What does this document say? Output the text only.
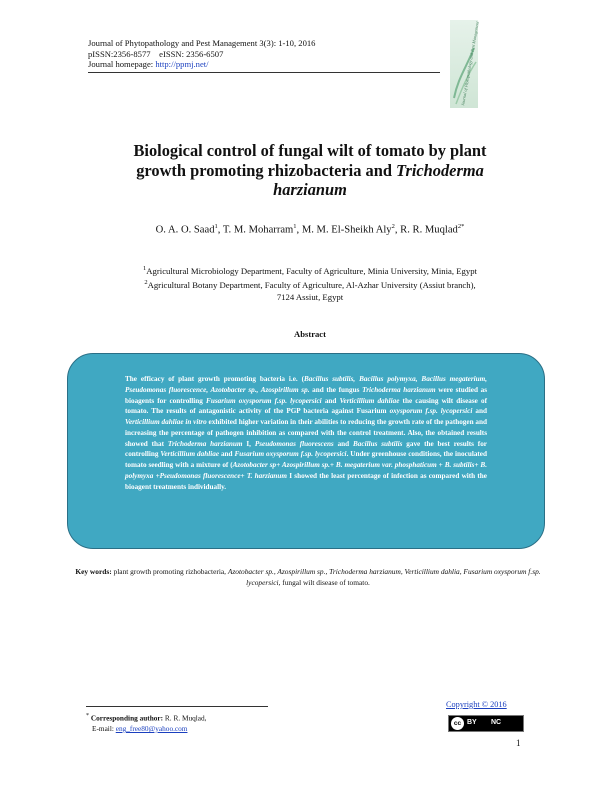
Journal of Phytopathology and Pest Management 3(3): 1-10, 2016
pISSN:2356-8577 eISSN: 2356-6507
Journal homepage: http://ppmj.net/	Journal of Phytopathology and Pest Management
Biological control of fungal wilt of tomato by plant
growth promoting rhizobacteria and Trichoderma
harzianum
O. A. O. Saad$^1$, T. M. Moharram$^1$, M. M. El-Sheikh Aly$^2$, R. R. Muqlad$^{2*}$
$^1$Agricultural Microbiology Department, Faculty of Agriculture, Minia University, Minia, Egypt
$^2$Agricultural Botany Department, Faculty of Agriculture, Al-Azhar University (Assiut branch),
7124 Assiut, Egypt
Abstract
The efficacy of plant growth promoting bacteria i.e. (Bacillus subtilis, Bacillus polymyxa, Bacillus megaterium, Pseudomonas fluorescence, Azotobacter sp., Azospirillum sp. and the fungus Trichoderma harzianum were studied as bioagents for controlling Fusarium oxysporum f.sp. lycopersici and Verticillium dahliae the causing wilt disease of tomato. The results of antagonistic activity of the PGP bacteria against Fusarium oxysporum f.sp. lycopersici and Verticillium dahliae in vitro exhibited higher variation in their abilities to reducing the growth rate of the pathogen and increasing the percentage of pathogen inhibition as compared with the control treatment. Also, the obtained results showed that Trichoderma harzianum I, Pseudomonas fluorescens and Bacillus subtilis gave the best results for controlling Verticillium dahliae and Fusarium oxysporum f.sp. lycopersici. Under greenhouse conditions, the inoculated tomato seedling with a mixture of (Azotobacter sp+ Azospirillum sp.+ B. megaterium var. phosphaticum + B. subtilis+ B. polymyxa +Pseudomonas fluorescence+ T. harzianum I showed the least percentage of infection as compared with the bioagent treatments individually.
Key words: plant growth promoting rizhobacteria, Azotobacter sp., Azospirillum sp., Trichoderma harzianum, Verticillium dahlia, Fusarium oxysporum f.sp. lycopersici, fungal wilt disease of tomato.
* Corresponding author: R. R. Muqlad,
E-mail: eng_free80@yahoo.com
Copyright © 2016
cc BY NC
1
